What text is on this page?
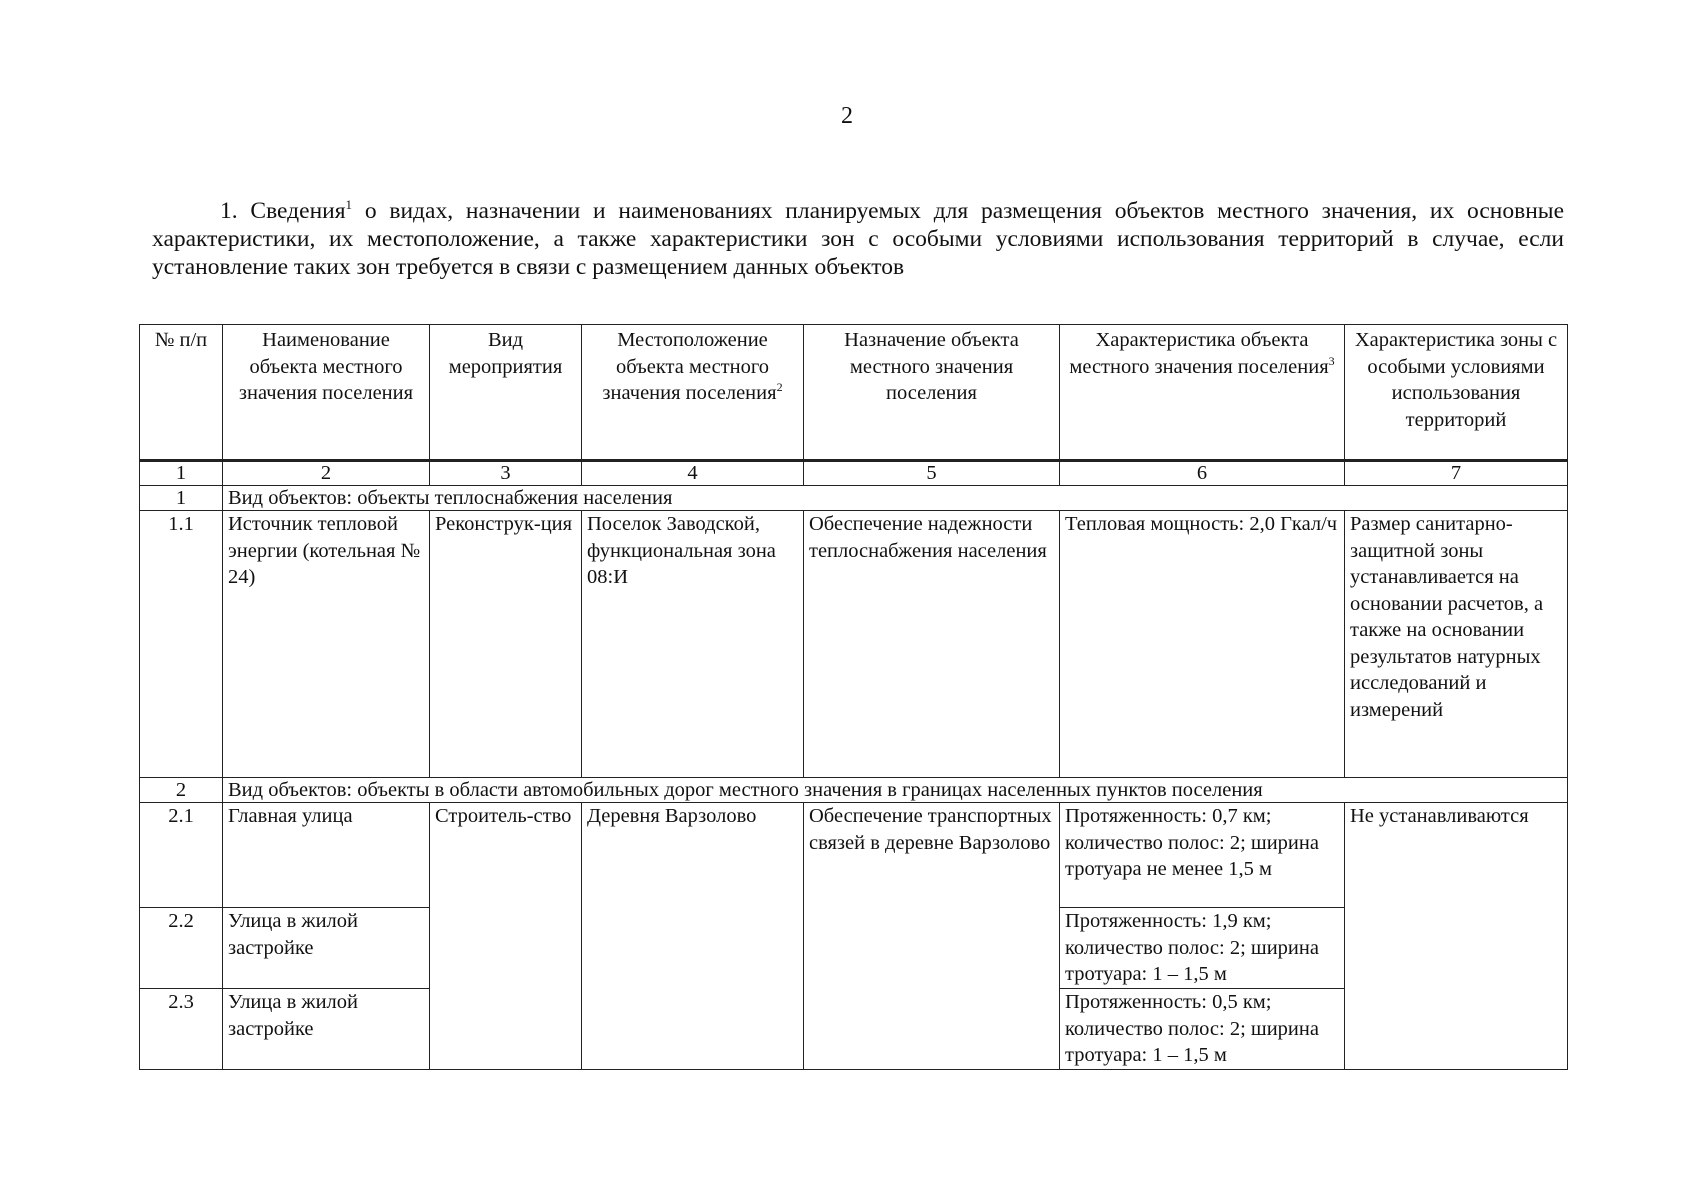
2

1. Сведения$^1$ о видах, назначении и наименованиях планируемых для размещения объектов местного значения, их основные характеристики, их местоположение, а также характеристики зон с особыми условиями использования территорий в случае, если установление таких зон требуется в связи с размещением данных объектов

№ п/п	Наименование объекта местного значения поселения	Вид мероприятия	Местоположение объекта местного значения поселения$^2$	Назначение объекта местного значения поселения	Характеристика объекта местного значения поселения$^3$	Характеристика зоны с особыми условиями использования территорий
1	2	3	4	5	6	7
1	Вид объектов: объекты теплоснабжения населения					
1.1	Источник тепловой энергии (котельная № 24)	Реконструк-ция	Поселок Заводской, функциональная зона 08:И	Обеспечение надежности теплоснабжения населения	Тепловая мощность: 2,0 Гкал/ч	Размер санитарно-защитной зоны устанавливается на основании расчетов, а также на основании результатов натурных исследований и измерений
2	Вид объектов: объекты в области автомобильных дорог местного значения в границах населенных пунктов поселения					
2.1	Главная улица	Строитель-ство	Деревня Варзолово	Обеспечение транспортных связей в деревне Варзолово	Протяженность: 0,7 км; количество полос: 2; ширина тротуара не менее 1,5 м	Не устанавливаются
2.2	Улица в жилой застройке				Протяженность: 1,9 км; количество полос: 2; ширина тротуара: 1 – 1,5 м	
2.3	Улица в жилой застройке				Протяженность: 0,5 км; количество полос: 2; ширина тротуара: 1 – 1,5 м	
